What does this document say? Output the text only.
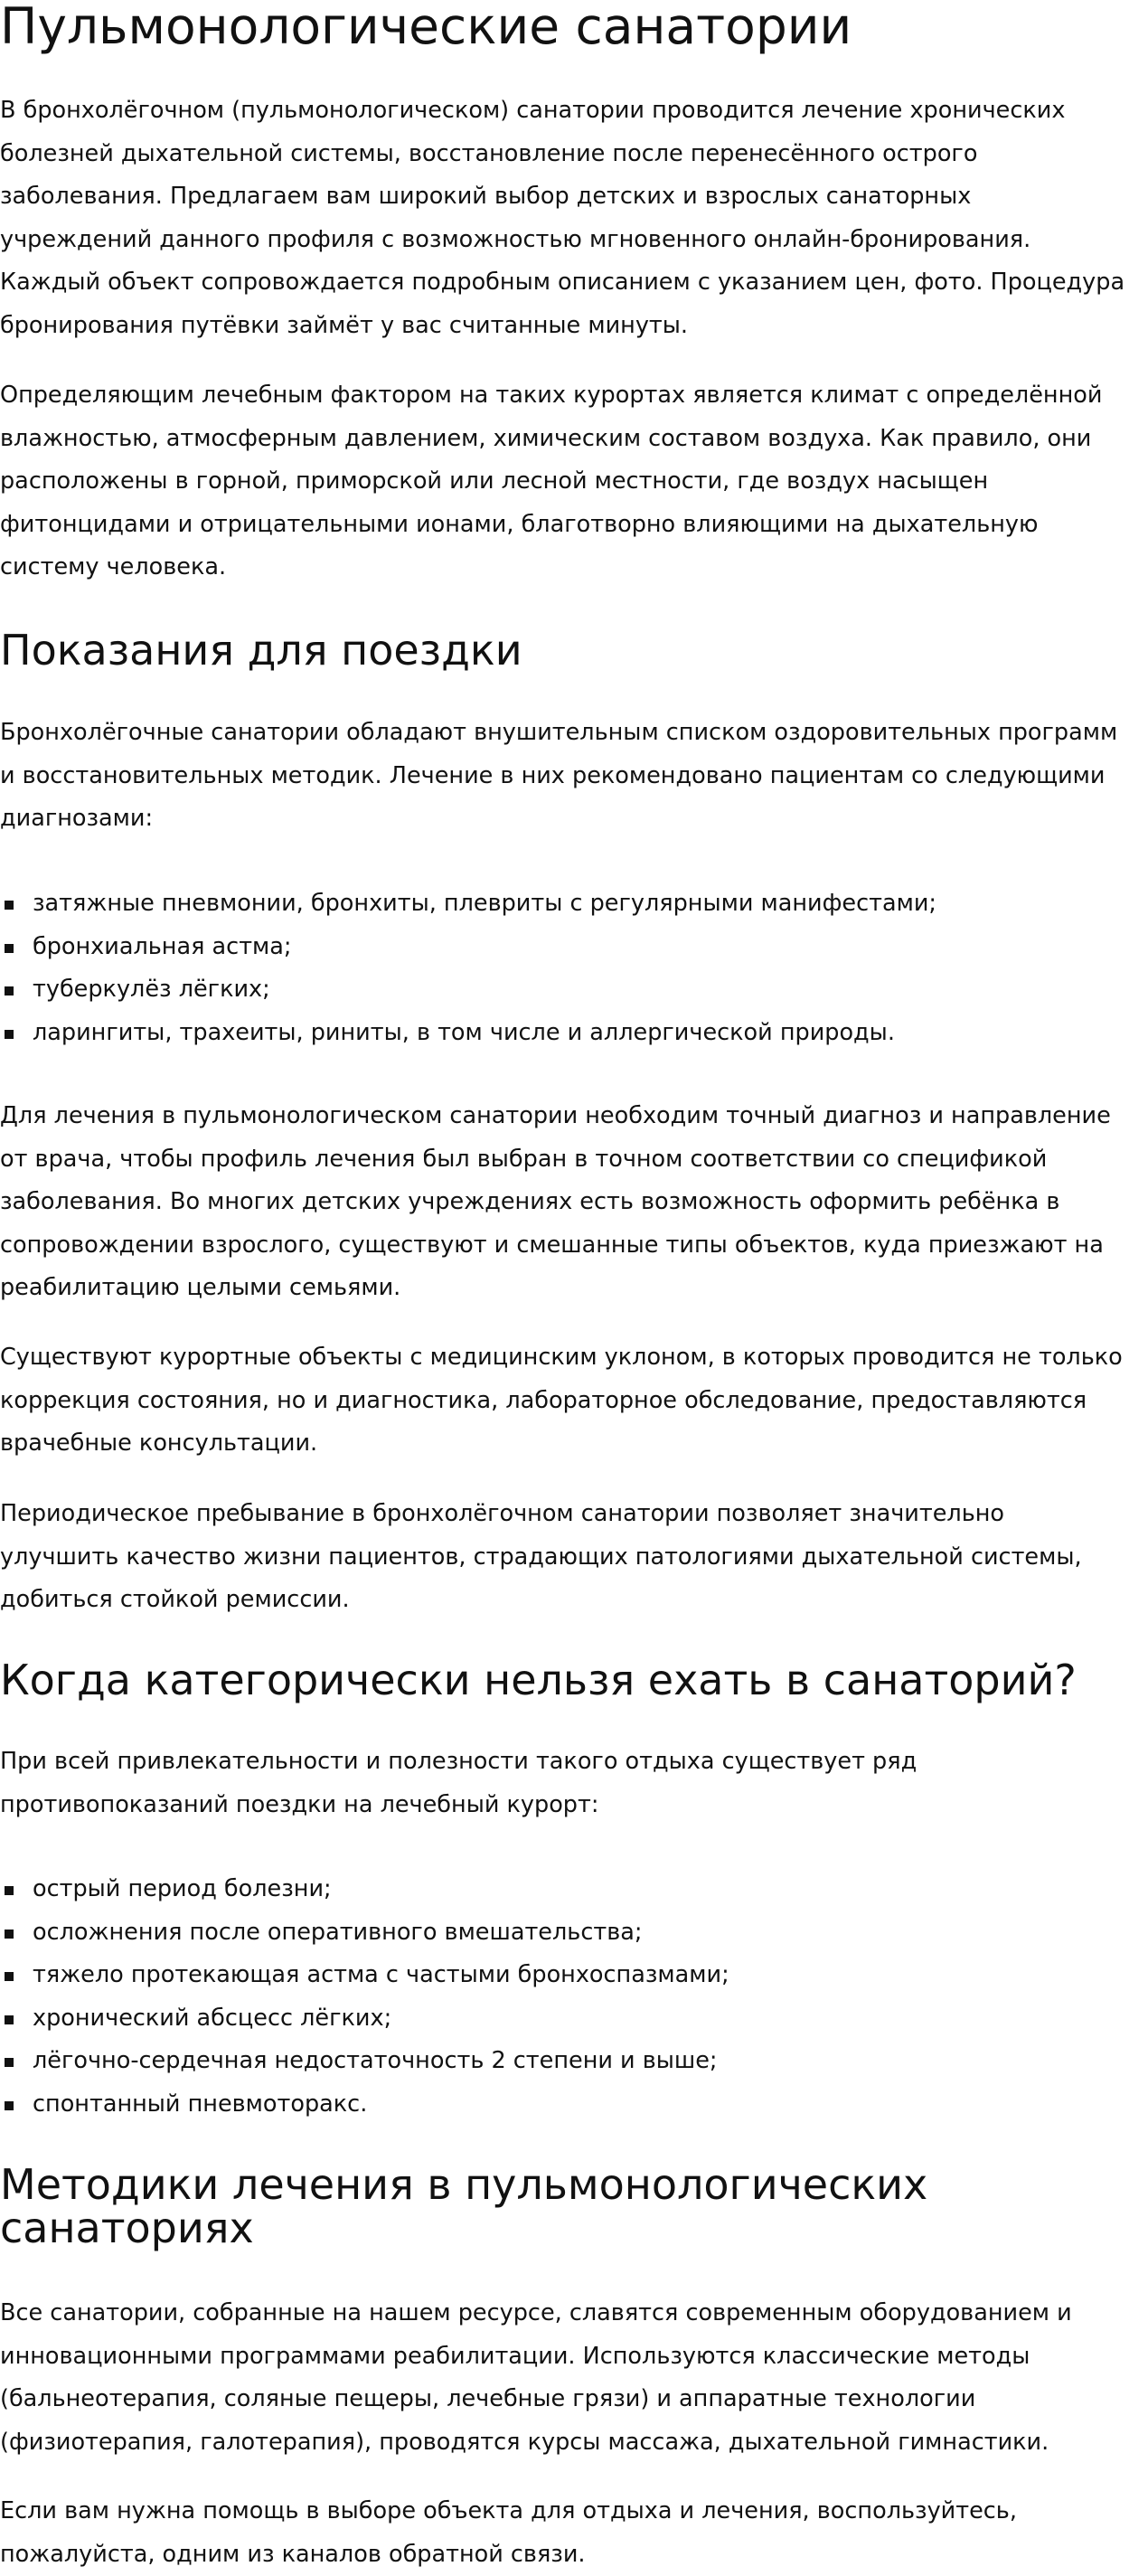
Пульмонологические санатории

В бронхолёгочном (пульмонологическом) санатории проводится лечение хронических
болезней дыхательной системы, восстановление после перенесённого острого
заболевания. Предлагаем вам широкий выбор детских и взрослых санаторных
учреждений данного профиля с возможностью мгновенного онлайн-бронирования.
Каждый объект сопровождается подробным описанием с указанием цен, фото. Процедура
бронирования путёвки займёт у вас считанные минуты.

Определяющим лечебным фактором на таких курортах является климат с определённой
влажностью, атмосферным давлением, химическим составом воздуха. Как правило, они
расположены в горной, приморской или лесной местности, где воздух насыщен
фитонцидами и отрицательными ионами, благотворно влияющими на дыхательную
систему человека.

Показания для поездки

Бронхолёгочные санатории обладают внушительным списком оздоровительных программ
и восстановительных методик. Лечение в них рекомендовано пациентам со следующими
диагнозами:

затяжные пневмонии, бронхиты, плевриты с регулярными манифестами;
бронхиальная астма;
туберкулёз лёгких;
ларингиты, трахеиты, риниты, в том числе и аллергической природы.

Для лечения в пульмонологическом санатории необходим точный диагноз и направление
от врача, чтобы профиль лечения был выбран в точном соответствии со спецификой
заболевания. Во многих детских учреждениях есть возможность оформить ребёнка в
сопровождении взрослого, существуют и смешанные типы объектов, куда приезжают на
реабилитацию целыми семьями.

Существуют курортные объекты с медицинским уклоном, в которых проводится не только
коррекция состояния, но и диагностика, лабораторное обследование, предоставляются
врачебные консультации.

Периодическое пребывание в бронхолёгочном санатории позволяет значительно
улучшить качество жизни пациентов, страдающих патологиями дыхательной системы,
добиться стойкой ремиссии.

Когда категорически нельзя ехать в санаторий?

При всей привлекательности и полезности такого отдыха существует ряд
противопоказаний поездки на лечебный курорт:

острый период болезни;
осложнения после оперативного вмешательства;
тяжело протекающая астма с частыми бронхоспазмами;
хронический абсцесс лёгких;
лёгочно-сердечная недостаточность 2 степени и выше;
спонтанный пневмоторакс.
Методики лечения в пульмонологических
санаториях

Все санатории, собранные на нашем ресурсе, славятся современным оборудованием и
инновационными программами реабилитации. Используются классические методы
(бальнеотерапия, соляные пещеры, лечебные грязи) и аппаратные технологии
(физиотерапия, галотерапия), проводятся курсы массажа, дыхательной гимнастики.

Если вам нужна помощь в выборе объекта для отдыха и лечения, воспользуйтесь,
пожалуйста, одним из каналов обратной связи.
